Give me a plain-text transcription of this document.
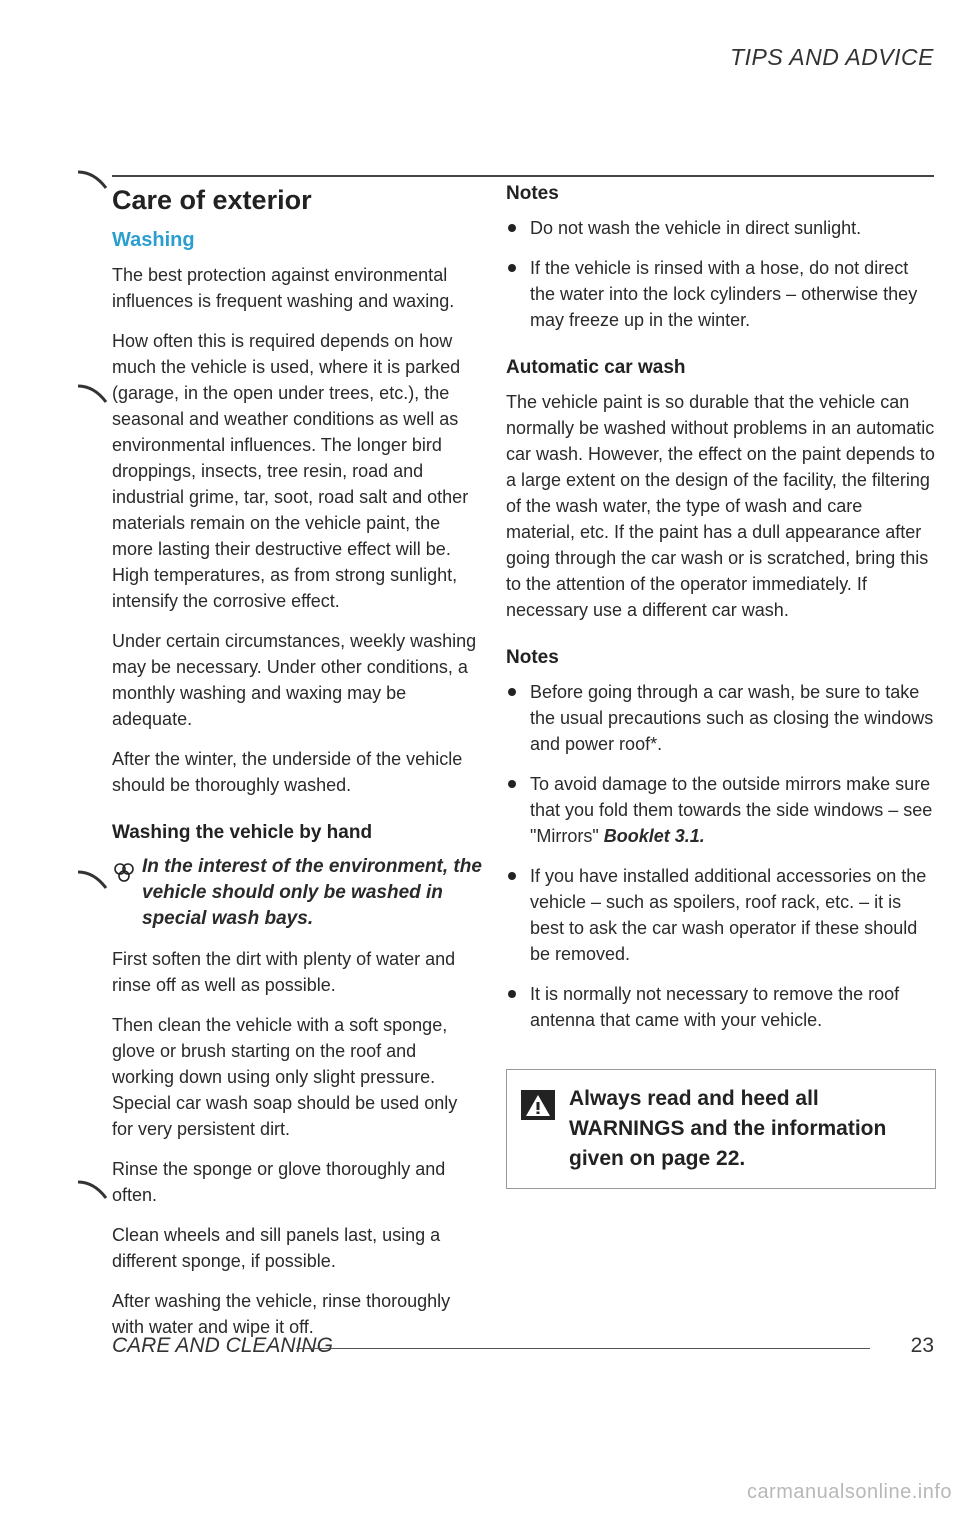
TIPS AND ADVICE
Care of exterior
Washing

The best protection against environmental influences is frequent washing and waxing.

How often this is required depends on how much the vehicle is used, where it is parked (garage, in the open under trees, etc.), the seasonal and weather conditions as well as environmental influences. The longer bird droppings, insects, tree resin, road and industrial grime, tar, soot, road salt and other materials remain on the vehicle paint, the more lasting their destructive effect will be. High temperatures, as from strong sunlight, intensify the corrosive effect.

Under certain circumstances, weekly washing may be necessary. Under other conditions, a monthly washing and waxing may be adequate.

After the winter, the underside of the vehicle should be thoroughly washed.

Washing the vehicle by hand
In the interest of the environment, the vehicle should only be washed in special wash bays.

First soften the dirt with plenty of water and rinse off as well as possible.

Then clean the vehicle with a soft sponge, glove or brush starting on the roof and working down using only slight pressure. Special car wash soap should be used only for very persistent dirt.

Rinse the sponge or glove thoroughly and often.

Clean wheels and sill panels last, using a different sponge, if possible.

After washing the vehicle, rinse thoroughly with water and wipe it off.

Notes
Do not wash the vehicle in direct sunlight.
If the vehicle is rinsed with a hose, do not direct the water into the lock cylinders – otherwise they may freeze up in the winter.
Automatic car wash

The vehicle paint is so durable that the vehicle can normally be washed without problems in an automatic car wash. However, the effect on the paint depends to a large extent on the design of the facility, the filtering of the wash water, the type of wash and care material, etc. If the paint has a dull appearance after going through the car wash or is scratched, bring this to the attention of the operator immediately. If necessary use a different car wash.

Notes
Before going through a car wash, be sure to take the usual precautions such as closing the windows and power roof*.
To avoid damage to the outside mirrors make sure that you fold them towards the side windows – see "Mirrors" Booklet 3.1.
If you have installed additional accessories on the vehicle – such as spoilers, roof rack, etc. – it is best to ask the car wash operator if these should be removed.
It is normally not necessary to remove the roof antenna that came with your vehicle.
Always read and heed all WARNINGS and the information given on page 22.
CARE AND CLEANING	23
carmanualsonline.info
